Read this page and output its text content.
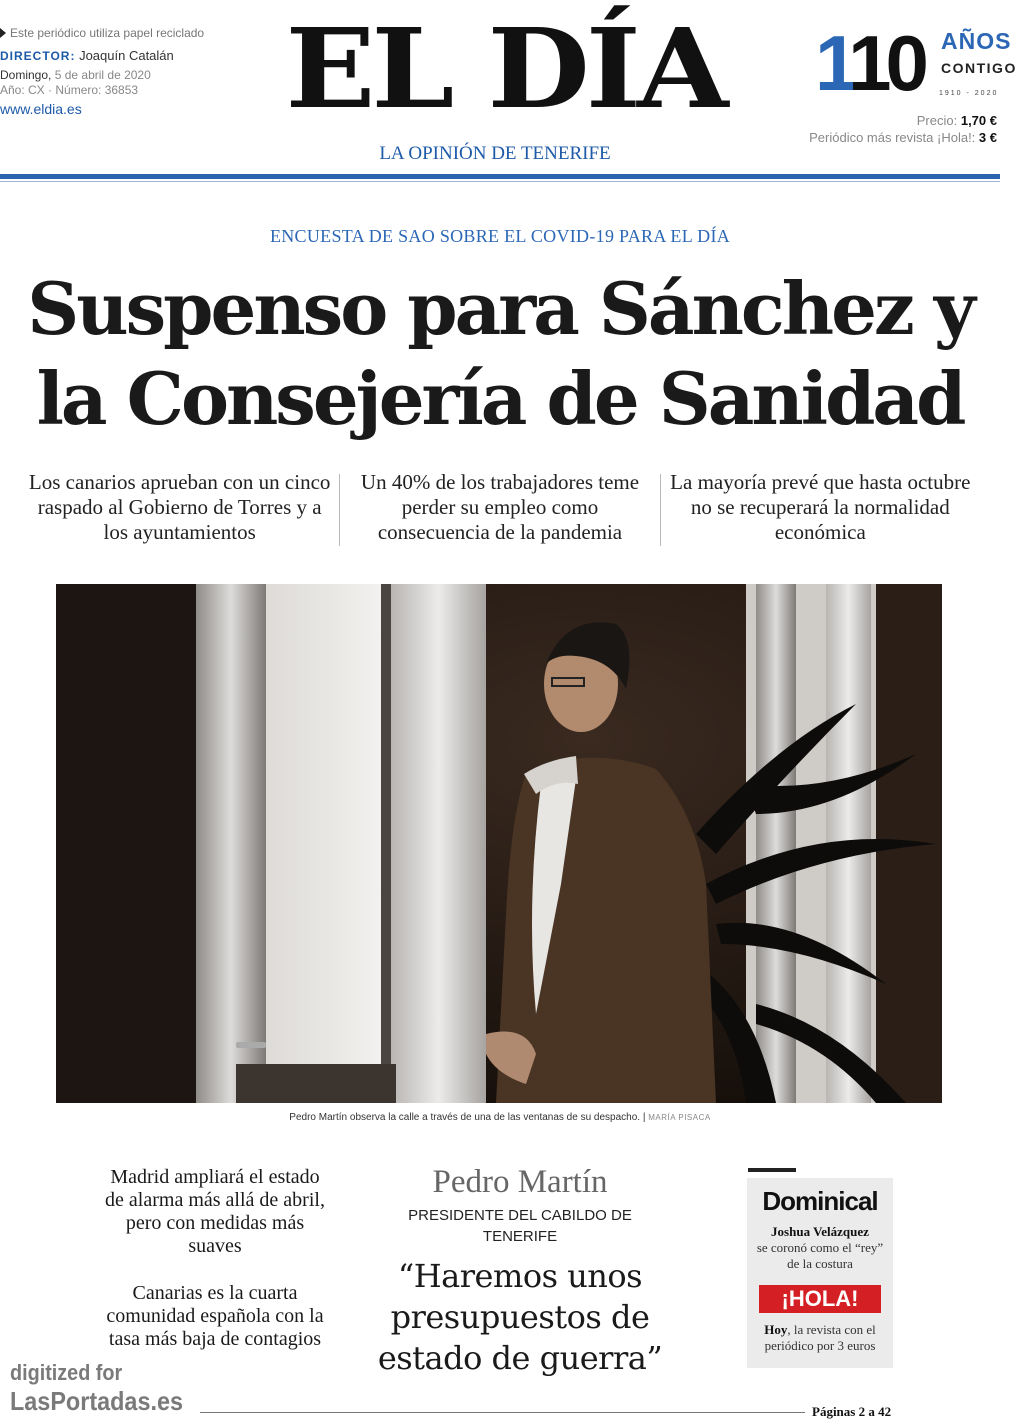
Este periódico utiliza papel reciclado
DIRECTOR: Joaquín Catalán
Domingo, 5 de abril de 2020
Año: CX · Número: 36853
www.eldia.es	EL DÍA
LA OPINIÓN DE TENERIFE
110 AÑOS
CONTIGO
1910 - 2020
Precio: 1,70 €
Periódico más revista ¡Hola!: 3 €
ENCUESTA DE SAO SOBRE EL COVID-19 PARA EL DÍA
Suspenso para Sánchez y
la Consejería de Sanidad
Los canarios aprueban con un cinco raspado al Gobierno de Torres y a los ayuntamientos
Un 40% de los trabajadores teme perder su empleo como consecuencia de la pandemia
La mayoría prevé que hasta octubre no se recuperará la normalidad económica
Pedro Martín observa la calle a través de una de las ventanas de su despacho. | MARÍA PISACA
Madrid ampliará el estado de alarma más allá de abril, pero con medidas más suaves
Canarias es la cuarta comunidad española con la tasa más baja de contagios
Pedro Martín
PRESIDENTE DEL CABILDO DE TENERIFE
“Haremos unos presupuestos de estado de guerra”
Dominical
Joshua Velázquez
se coronó como el “rey” de la costura
¡HOLA!
Hoy, la revista con el periódico por 3 euros
Páginas 2 a 42
digitized for
LasPortadas.es
